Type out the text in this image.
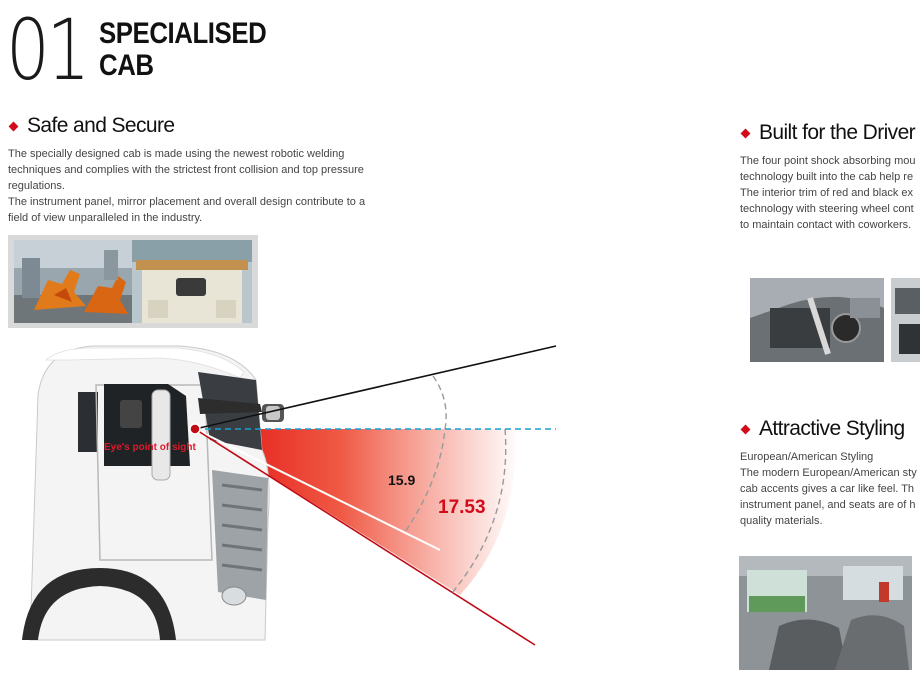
01 SPECIALISED
CAB
Safe and Secure
The specially designed cab is made using the newest robotic welding
techniques and complies with the strictest front collision and top pressure
regulations.
The instrument panel, mirror placement and overall design contribute to a
field of view unparalleled in the industry.
Eye's point of sight
15.9
17.53
Built for the Driver
The four point shock absorbing mou
technology built into the cab help re
The interior trim of red and black ex
technology with steering wheel cont
to maintain contact with coworkers.
Attractive Styling
European/American Styling
The modern European/American sty
cab accents gives a car like feel. Th
instrument panel, and seats are of h
quality materials.
